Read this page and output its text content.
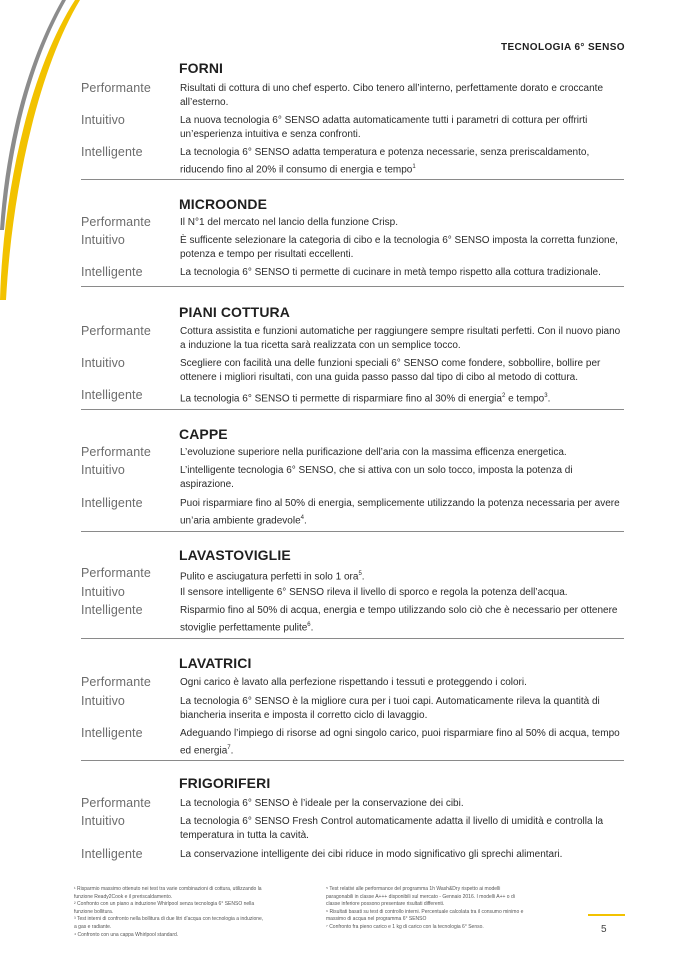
TECNOLOGIA 6° SENSO
FORNI
Performante	Risultati di cottura di uno chef esperto. Cibo tenero all’interno, perfettamente dorato e croccante all’esterno.
Intuitivo	La nuova tecnologia 6° SENSO adatta automaticamente tutti i parametri di cottura per offrirti un’esperienza intuitiva e senza confronti.
Intelligente	La tecnologia 6° SENSO adatta temperatura e potenza necessarie, senza preriscaldamento, riducendo fino al 20% il consumo di energia e tempo$^1$
MICROONDE
Performante	Il N°1 del mercato nel lancio della funzione Crisp.
Intuitivo	È sufficente selezionare la categoria di cibo e la tecnologia 6° SENSO imposta la corretta funzione, potenza e tempo per risultati eccellenti.
Intelligente	La tecnologia 6° SENSO ti permette di cucinare in metà tempo rispetto alla cottura tradizionale.
PIANI COTTURA
Performante	Cottura assistita e funzioni automatiche per raggiungere sempre risultati perfetti. Con il nuovo piano a induzione la tua ricetta sarà realizzata con un semplice tocco.
Intuitivo	Scegliere con facilità una delle funzioni speciali 6° SENSO come fondere, sobbollire, bollire per ottenere i migliori risultati, con una guida passo passo dal tipo di cibo al metodo di cottura.
Intelligente	La tecnologia 6° SENSO ti permette di risparmiare fino al 30% di energia$^2$ e tempo$^3$.
CAPPE
Performante	L’evoluzione superiore nella purificazione dell’aria con la massima efficenza energetica.
Intuitivo	L’intelligente tecnologia 6° SENSO, che si attiva con un solo tocco, imposta la potenza di aspirazione.
Intelligente	Puoi risparmiare fino al 50% di energia, semplicemente utilizzando la potenza necessaria per avere un’aria ambiente gradevole$^4$.
LAVASTOVIGLIE
Performante	Pulito e asciugatura perfetti in solo 1 ora$^5$.
Intuitivo	Il sensore intelligente 6° SENSO rileva il livello di sporco e regola la potenza dell’acqua.
Intelligente	Risparmio fino al 50% di acqua, energia e tempo utilizzando solo ciò che è necessario per ottenere stoviglie perfettamente pulite$^6$.
LAVATRICI
Performante	Ogni carico è lavato alla perfezione rispettando i tessuti e proteggendo i colori.
Intuitivo	La tecnologia 6° SENSO è la migliore cura per i tuoi capi. Automaticamente rileva la quantità di biancheria inserita e imposta il corretto ciclo di lavaggio.
Intelligente	Adeguando l’impiego di risorse ad ogni singolo carico, puoi risparmiare fino al 50% di acqua, tempo ed energia$^7$.
FRIGORIFERI
Performante	La tecnologia 6° SENSO è l’ideale per la conservazione dei cibi.
Intuitivo	La tecnologia 6° SENSO Fresh Control automaticamente adatta il livello di umidità e controlla la temperatura in tutta la cavità.
Intelligente	La conservazione intelligente dei cibi riduce in modo significativo gli sprechi alimentari.
¹ Risparmio massimo ottenuto nei test tra varie combinazioni di cottura, utilizzando la
funzione Ready2Cook e il preriscaldamento.
² Confronto con un piano a induzione Whirlpool senza tecnologia 6° SENSO nella
funzione bollitura.
³ Test interni di confronto nella bollitura di due litri d’acqua con tecnologia a induzione,
a gas e radiante.
⁴ Confronto con una cappa Whirlpool standard.
⁵ Test relativi alle performance del programma 1h Wash&Dry rispetto ai modelli
paragonabili in classe A+++ disponibili sul mercato - Gennaio 2016. I modelli A++ o di
classe inferiore possono presentare risultati differenti.
⁶ Risultati basati su test di controllo interni. Percentuale calcolata tra il consumo minimo e
massimo di acqua nel programma 6° SENSO
⁷ Confronto fra pieno carico e 1 kg di carico con la tecnologia 6° Senso.	5
